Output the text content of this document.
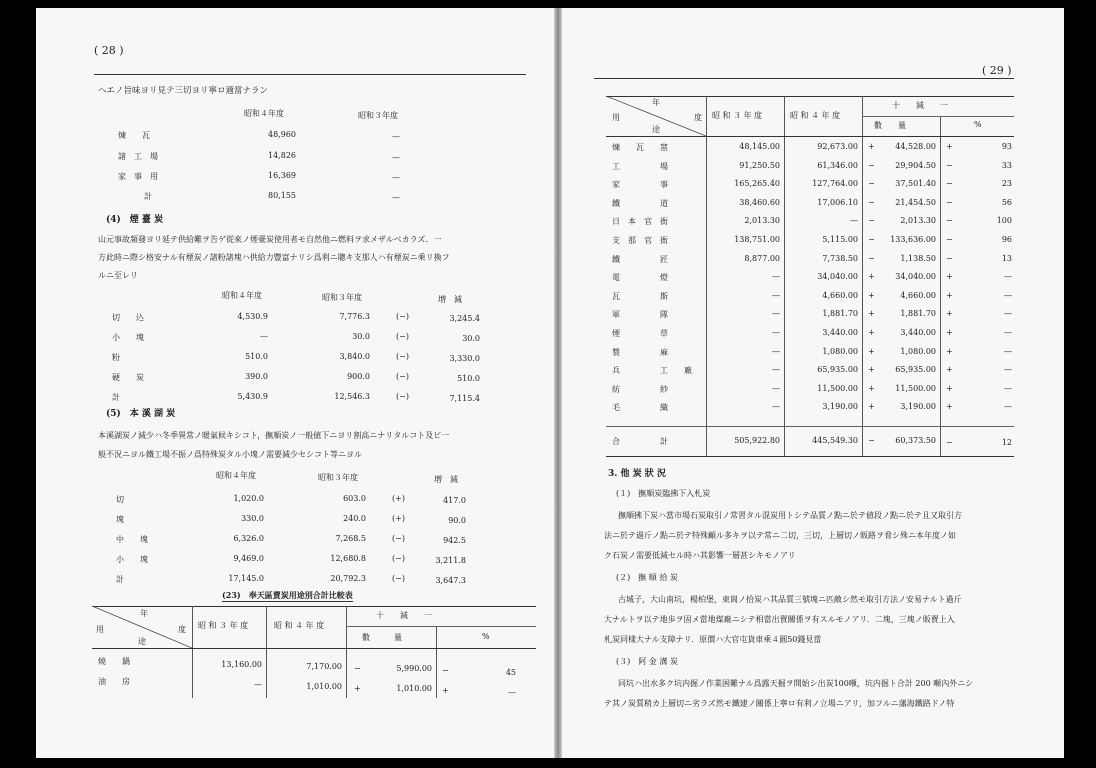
( 28 )
ヘエノ旨味ヨリ見テ三切ヨリ寧ロ適當ナラン
昭和４年度	昭和３年度
煉　　瓦	48,960	—
諸　工　場	14,826	—
家　事　用	16,369	—
計	80,155	—
(4)　煙 臺 炭
山元事故頻發ヨリ延テ供給難ヲ告ゲ從來ノ煙臺炭使用者モ自然他ニ燃料ヲ求メザルベカラズ．一
方此時ニ際シ格安ナル有煙炭ノ諸粉諸塊ハ供給力豐富ナリシ爲利ニ聰キ支那人ハ有煙炭ニ乘リ換フ
ルニ至レリ
昭和４年度	昭和３年度	増　減
切　　込	4,530.9	7,776.3	(−)	3,245.4
小　　塊	—	30.0	(−)	30.0
粉	510.0	3,840.0	(−)	3,330.0
硬　　炭	390.0	900.0	(−)	510.0
計	5,430.9	12,546.3	(−)	7,115.4
(5)　本 溪 湖 炭
本溪湖炭ノ減少ハ冬季異常ノ暖氣候キシコト，撫順炭ノ一般値下ニヨリ割高ニナリタルコト及ビ一
般不況ニヨル鐵工場不振ノ爲特殊炭タル小塊ノ需要減少セシコト等ニヨル
昭和４年度	昭和３年度	増　減
切	1,020.0	603.0	(+)	417.0
塊	330.0	240.0	(+)	90.0
中　　塊	6,326.0	7,268.5	(−)	942.5
小　　塊	9,469.0	12,680.8	(−)	3,211.8
計	17,145.0	20,792.3	(−)	3,647.3
(23)　奉天區賣炭用途別合計比較表
年
度
用
途
昭 和 ３ 年 度	昭 和 ４ 年 度
十　　減　　一
數　　　量	%
燒　　鍋	13,160.00	7,170.00 −	5,990.00 −	45
油　　房	—	1,010.00 +	1,010.00 +	—
( 29 )
年
度
用
途
昭 和 ３ 年 度	昭 和 ４ 年 度
十　　減　　一
數　　量	%
煉　　瓦　　窰	48,145.00	92,673.00 +	44,528.00 +	93
工　　　　　場	91,250.50	61,346.00 −	29,904.50 −	33
家　　　　　事	165,265.40	127,764.00 −	37,501.40 −	23
鐵　　　　　道	38,460.60	17,006.10 −	21,454.50 −	56
日　本　官　衙	2,013.30	— −	2,013.30 −	100
支　那　官　衙	138,751.00	5,115.00 −	133,636.00 −	96
鐵　　　　　匠	8,877.00	7,738.50 −	1,138.50 −	13
電　　　　　燈	—	34,040.00 +	34,040.00 +	—
瓦　　　　　斯	—	4,660.00 +	4,660.00 +	—
軍　　　　　隊	—	1,881.70 +	1,881.70 +	—
煙　　　　　草	—	3,440.00 +	3,440.00 +	—
製　　　　　麻	—	1,080.00 +	1,080.00 +	—
兵　　　　　工　　廠	—	65,935.00 +	65,935.00 +	—
紡　　　　　紗	—	11,500.00 +	11,500.00 +	—
毛　　　　　織	—	3,190.00 +	3,190.00 +	—
合　　　　　計	505,922.80	445,549.30 −	60,373.50 −	12
3. 他 炭 狀 況
(１)　撫順炭臨拂下入札炭
撫順拂下炭ハ當市場石炭取引ノ常習タル混炭用トシテ品質ノ點ニ於テ値段ノ點ニ於テ且又取引方
法ニ於テ過斤ノ點ニ於テ特殊顧ル多キヲ以テ常ニ二切，三切，上層切ノ販路ヲ脅シ殊ニ本年度ノ如
ク石炭ノ需要低減セル時ハ其影響一層甚シキモノアリ
(２)　撫 順 拾 炭
古城子，大山南坑，楊柏堡，東崗ノ拾炭ハ其品質三號塊ニ匹敵シ然モ取引方法ノ安易ナルト過斤
大ナルトヲ以テ地歩ヲ固メ當地煤廠ニシテ相當出賣關係ヲ有スルモノアリ．二塊，三塊ノ販賣上入
札炭同樣大ナル支障ナリ．原價ハ大官屯貨車乘４圓50錢見當
(３)　阿 金 溝 炭
同坑ハ出水多ク坑内掘ノ作業困難ナル爲露天掘ヲ開始シ出炭100噸，坑内掘ト合計 200 噸內外ニシ
テ其ノ炭質稍カ上層切ニ劣ラズ然モ鐵建ノ關係上寧ロ有利ノ立場ニアリ，加フルニ藩海鐵路ドノ特
